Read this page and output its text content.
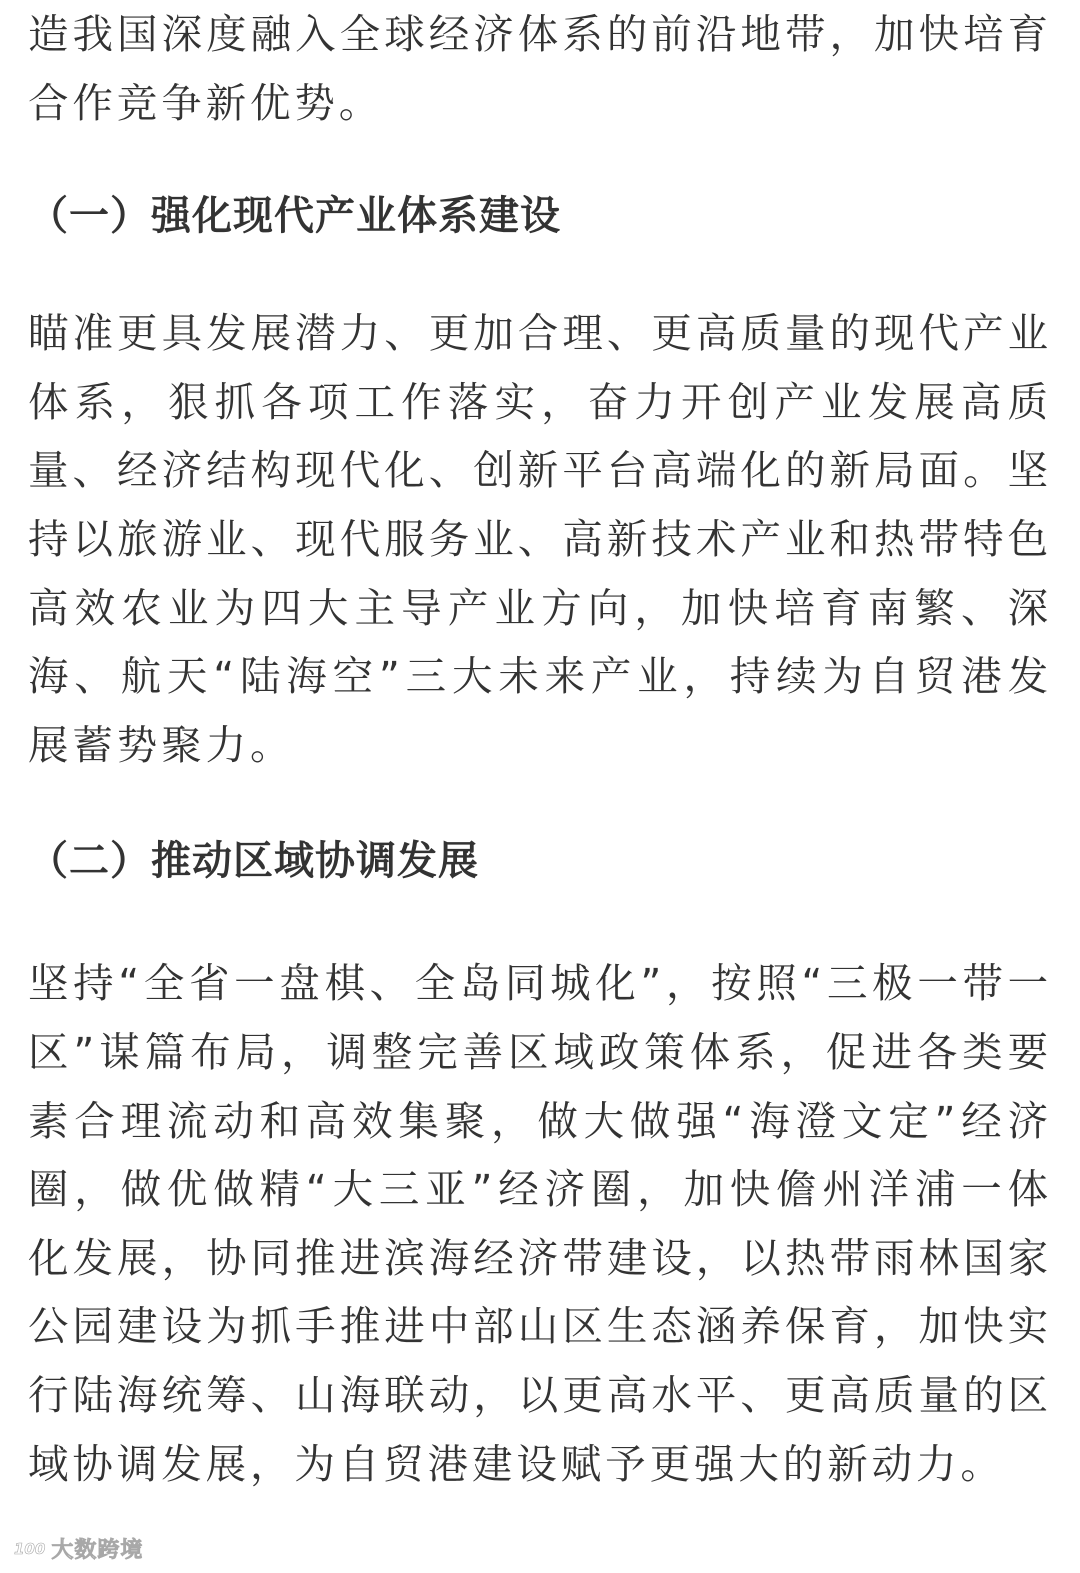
造我国深度融入全球经济体系的前沿地带，加快培育合作竞争新优势。

（一）强化现代产业体系建设

瞄准更具发展潜力、更加合理、更高质量的现代产业体系，狠抓各项工作落实，奋力开创产业发展高质量、经济结构现代化、创新平台高端化的新局面。坚持以旅游业、现代服务业、高新技术产业和热带特色高效农业为四大主导产业方向，加快培育南繁、深海、航天“陆海空”三大未来产业，持续为自贸港发展蓄势聚力。

（二）推动区域协调发展

坚持“全省一盘棋、全岛同城化”，按照“三极一带一区”谋篇布局，调整完善区域政策体系，促进各类要素合理流动和高效集聚，做大做强“海澄文定”经济圈，做优做精“大三亚”经济圈，加快儋州洋浦一体化发展，协同推进滨海经济带建设，以热带雨林国家公园建设为抓手推进中部山区生态涵养保育，加快实行陆海统筹、山海联动，以更高水平、更高质量的区域协调发展，为自贸港建设赋予更强大的新动力。

100 大数跨境
